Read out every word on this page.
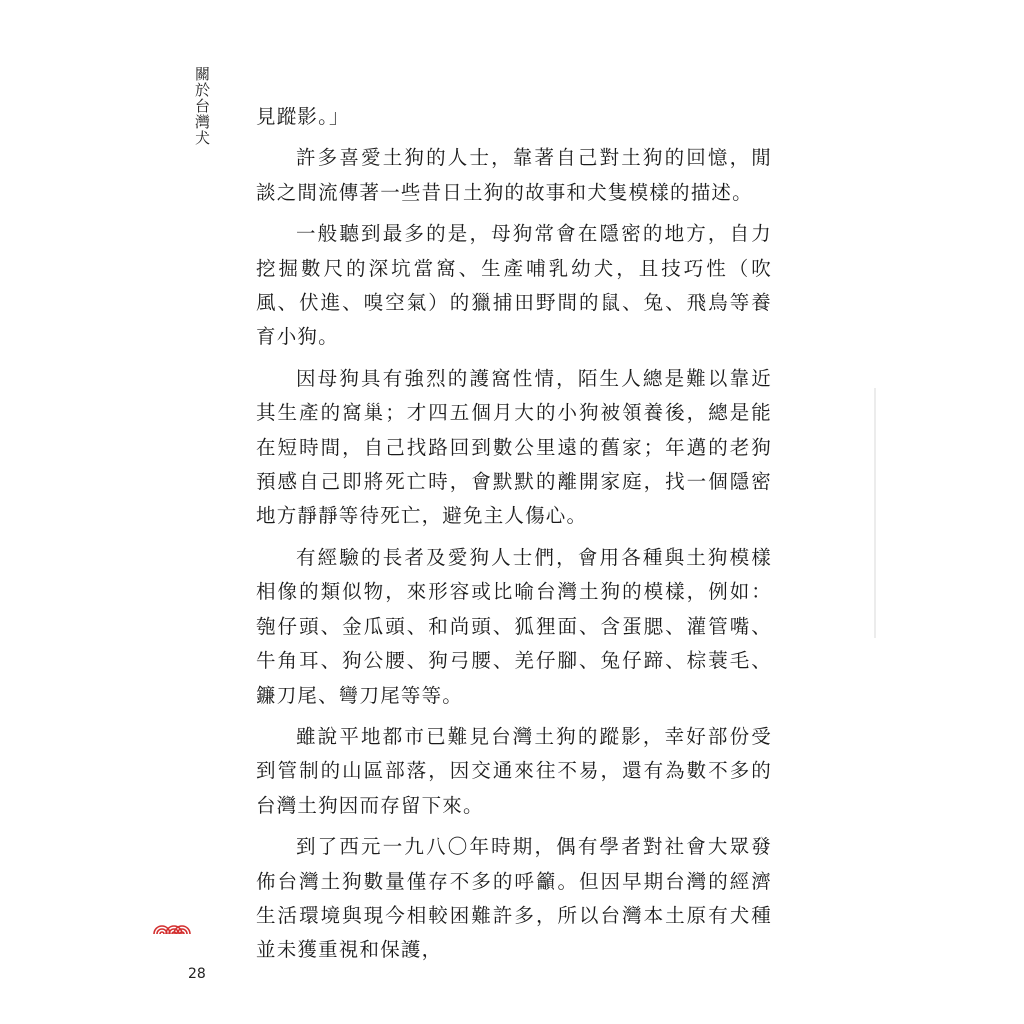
關於台灣犬 見蹤影。」

許多喜愛土狗的人士，靠著自己對土狗的回憶，閒談之間流傳著一些昔日土狗的故事和犬隻模樣的描述。

一般聽到最多的是，母狗常會在隱密的地方，自力挖掘數尺的深坑當窩、生產哺乳幼犬，且技巧性（吹風、伏進、嗅空氣）的獵捕田野間的鼠、兔、飛鳥等養育小狗。

因母狗具有強烈的護窩性情，陌生人總是難以靠近其生產的窩巢；才四五個月大的小狗被領養後，總是能在短時間，自己找路回到數公里遠的舊家；年邁的老狗預感自己即將死亡時，會默默的離開家庭，找一個隱密地方靜靜等待死亡，避免主人傷心。

有經驗的長者及愛狗人士們，會用各種與土狗模樣相像的類似物，來形容或比喻台灣土狗的模樣，例如：匏仔頭、金瓜頭、和尚頭、狐狸面、含蛋腮、灌管嘴、牛角耳、狗公腰、狗弓腰、羌仔腳、兔仔蹄、棕蓑毛、鐮刀尾、彎刀尾等等。

雖說平地都市已難見台灣土狗的蹤影，幸好部份受到管制的山區部落，因交通來往不易，還有為數不多的台灣土狗因而存留下來。

到了西元一九八〇年時期，偶有學者對社會大眾發佈台灣土狗數量僅存不多的呼籲。但因早期台灣的經濟生活環境與現今相較困難許多，所以台灣本土原有犬種並未獲重視和保護，

28
